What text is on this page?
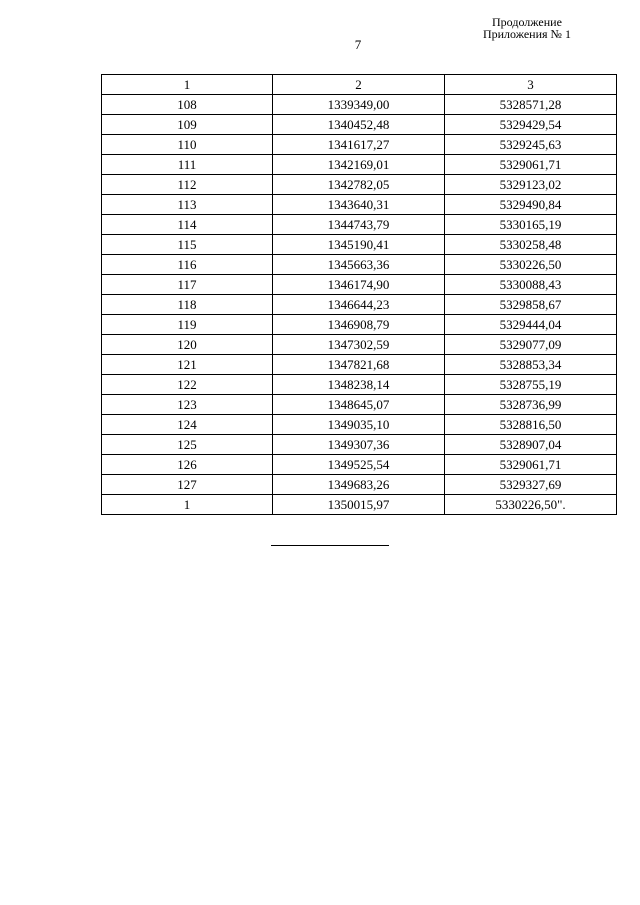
Продолжение
Приложения № 1
7
1	2	3
108	1339349,00	5328571,28
109	1340452,48	5329429,54
110	1341617,27	5329245,63
111	1342169,01	5329061,71
112	1342782,05	5329123,02
113	1343640,31	5329490,84
114	1344743,79	5330165,19
115	1345190,41	5330258,48
116	1345663,36	5330226,50
117	1346174,90	5330088,43
118	1346644,23	5329858,67
119	1346908,79	5329444,04
120	1347302,59	5329077,09
121	1347821,68	5328853,34
122	1348238,14	5328755,19
123	1348645,07	5328736,99
124	1349035,10	5328816,50
125	1349307,36	5328907,04
126	1349525,54	5329061,71
127	1349683,26	5329327,69
1	1350015,97	5330226,50".
